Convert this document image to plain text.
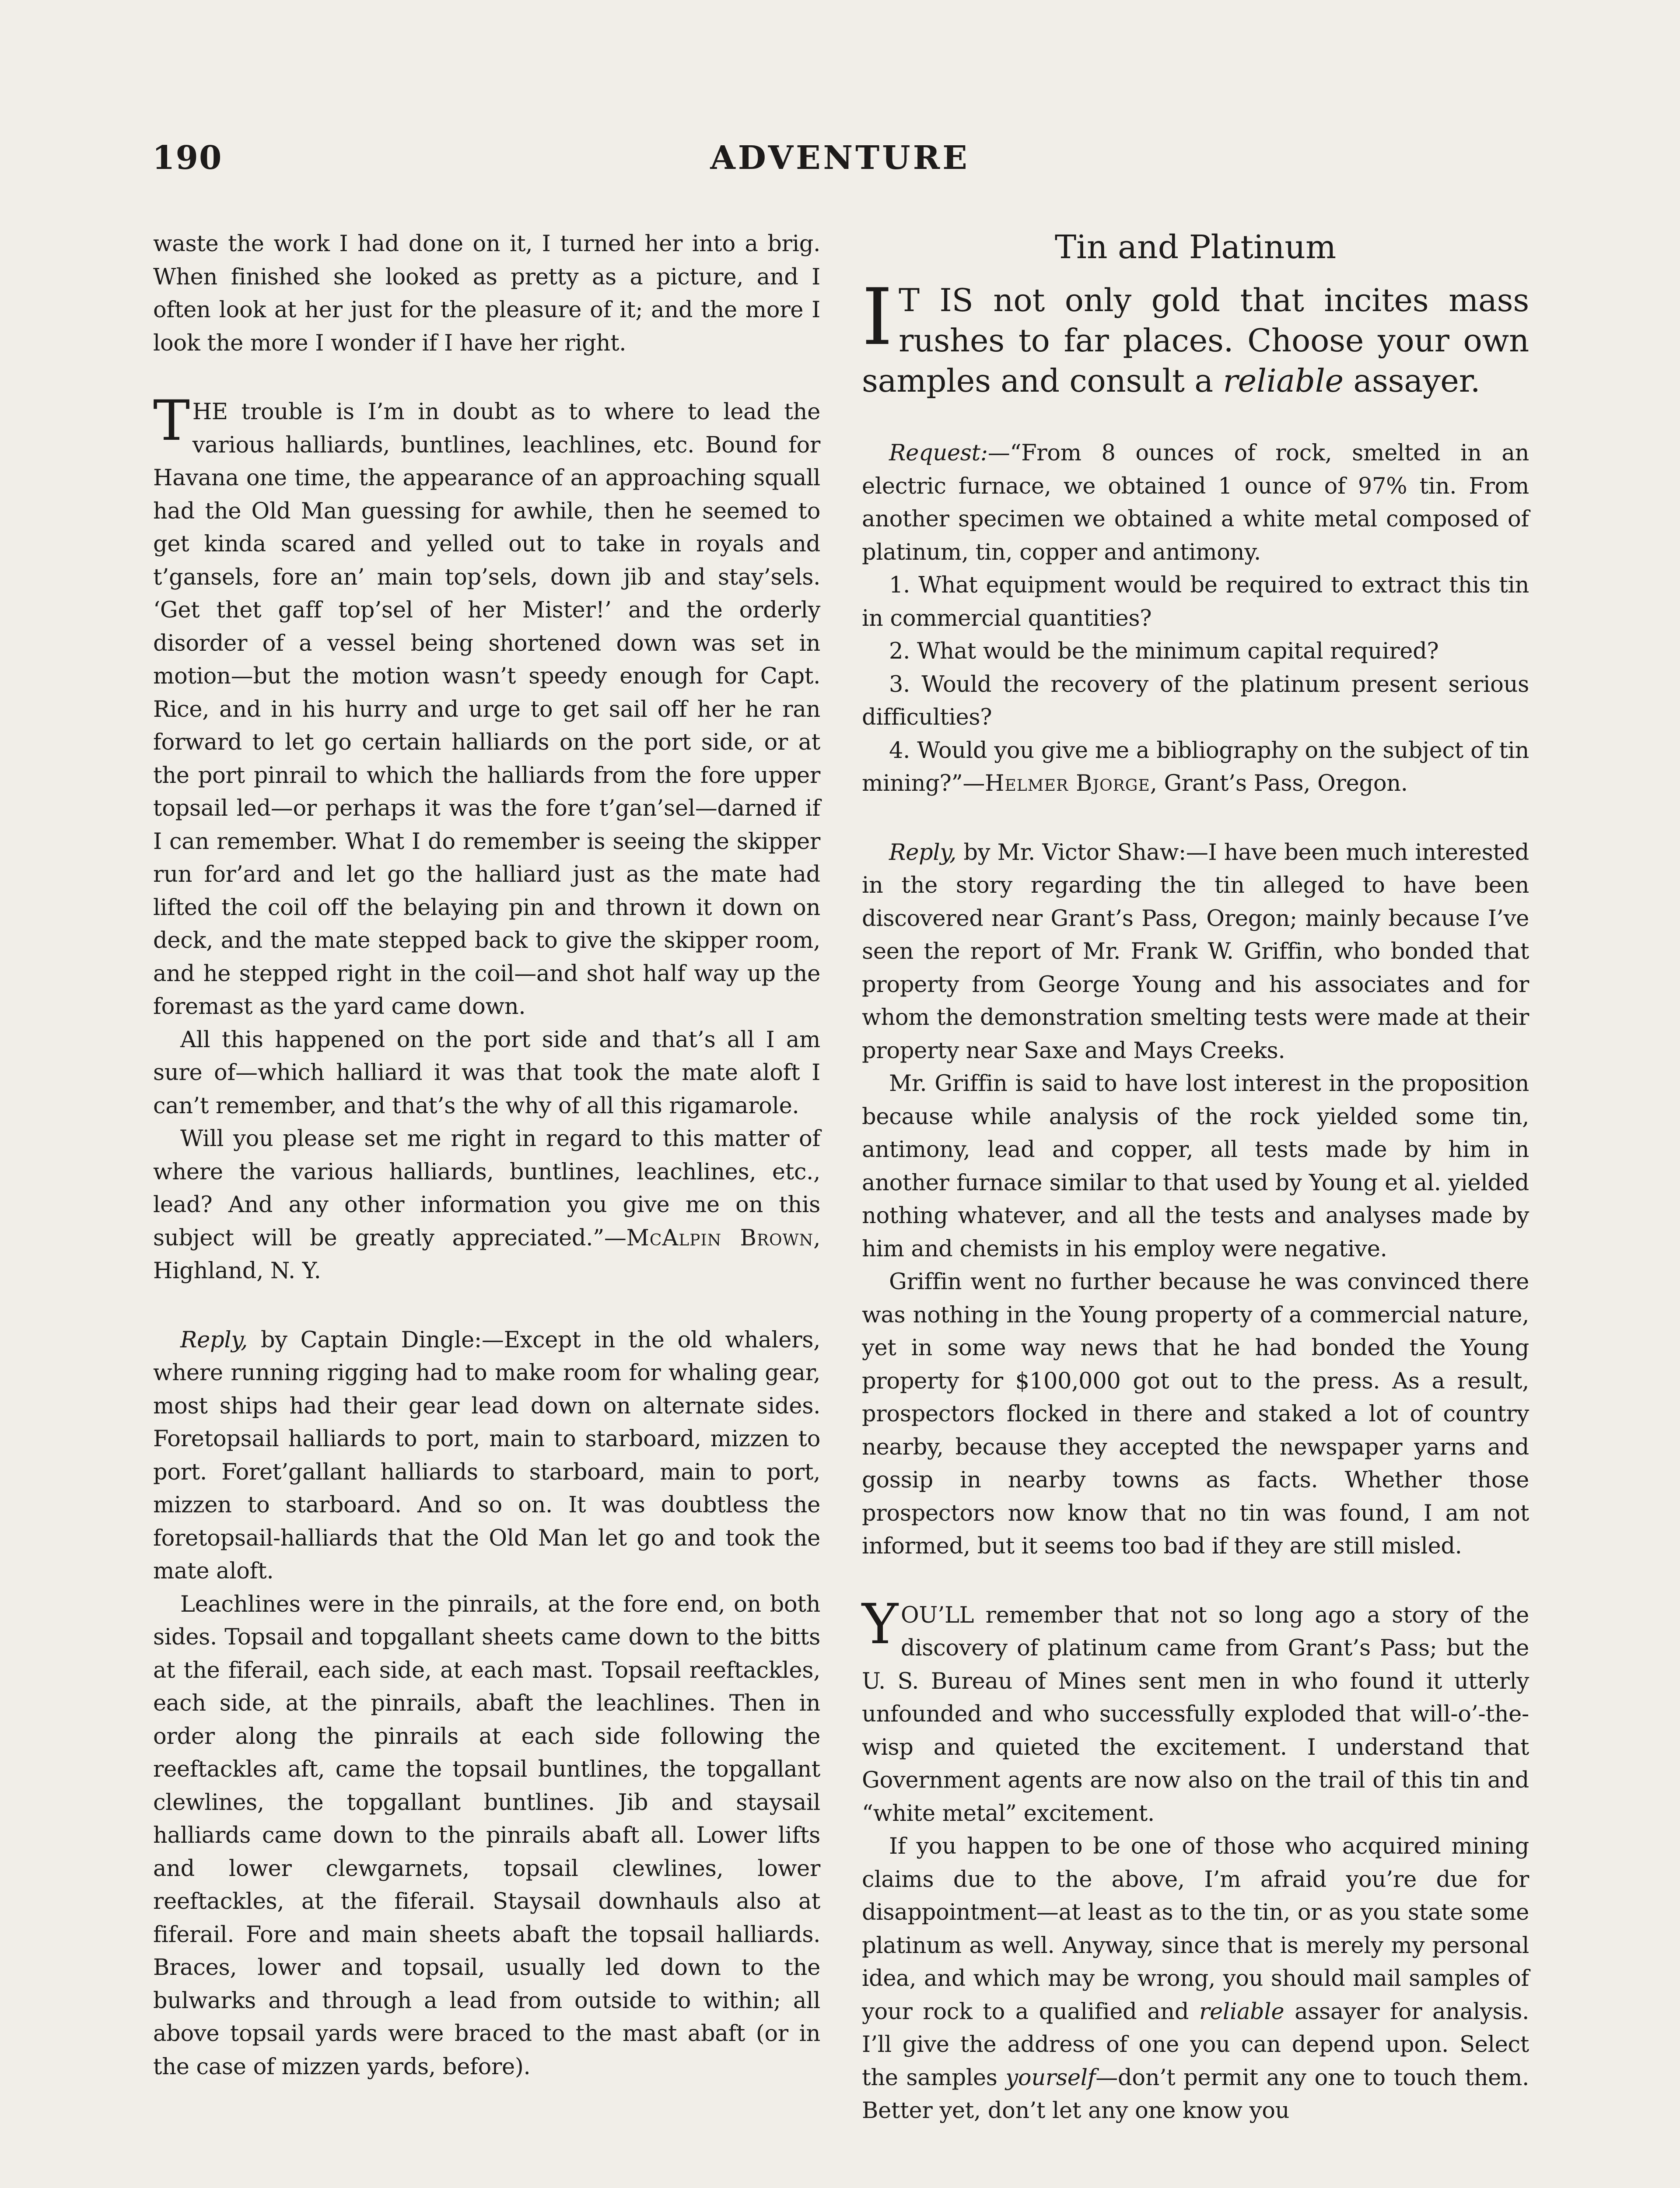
190	ADVENTURE

waste the work I had done on it, I turned her into a brig. When finished she looked as pretty as a picture, and I often look at her just for the pleasure of it; and the more I look the more I wonder if I have her right.

THE trouble is I’m in doubt as to where to lead the various halliards, buntlines, leachlines, etc. Bound for Havana one time, the appearance of an approaching squall had the Old Man guessing for awhile, then he seemed to get kinda scared and yelled out to take in royals and t’gansels, fore an’ main top’sels, down jib and stay’sels. ‘Get thet gaff top’sel of her Mister!’ and the orderly disorder of a vessel being shortened down was set in motion—but the motion wasn’t speedy enough for Capt. Rice, and in his hurry and urge to get sail off her he ran forward to let go certain halliards on the port side, or at the port pinrail to which the halliards from the fore upper topsail led—or perhaps it was the fore t’gan’sel—darned if I can remember. What I do remember is seeing the skipper run for’ard and let go the halliard just as the mate had lifted the coil off the belaying pin and thrown it down on deck, and the mate stepped back to give the skipper room, and he stepped right in the coil—and shot half way up the foremast as the yard came down.

All this happened on the port side and that’s all I am sure of—which halliard it was that took the mate aloft I can’t remember, and that’s the why of all this rigamarole.

Will you please set me right in regard to this matter of where the various halliards, buntlines, leachlines, etc., lead? And any other information you give me on this subject will be greatly appreciated.”—McAlpin Brown, Highland, N. Y.

Reply, by Captain Dingle:—Except in the old whalers, where running rigging had to make room for whaling gear, most ships had their gear lead down on alternate sides. Foretopsail halliards to port, main to starboard, mizzen to port. Foret’gallant halliards to starboard, main to port, mizzen to starboard. And so on. It was doubtless the foretopsail-halliards that the Old Man let go and took the mate aloft.

Leachlines were in the pinrails, at the fore end, on both sides. Topsail and topgallant sheets came down to the bitts at the fiferail, each side, at each mast. Topsail reeftackles, each side, at the pinrails, abaft the leachlines. Then in order along the pinrails at each side following the reeftackles aft, came the topsail buntlines, the topgallant clewlines, the topgallant buntlines. Jib and staysail halliards came down to the pinrails abaft all. Lower lifts and lower clewgarnets, topsail clewlines, lower reeftackles, at the fiferail. Staysail downhauls also at fiferail. Fore and main sheets abaft the topsail halliards. Braces, lower and topsail, usually led down to the bulwarks and through a lead from outside to within; all above topsail yards were braced to the mast abaft (or in the case of mizzen yards, before).

Tin and Platinum

I T IS not only gold that incites mass rushes to far places. Choose your own samples and consult a reliable assayer.

Request:—“From 8 ounces of rock, smelted in an electric furnace, we obtained 1 ounce of 97% tin. From another specimen we obtained a white metal composed of platinum, tin, copper and antimony.

1. What equipment would be required to extract this tin in commercial quantities?

2. What would be the minimum capital required?

3. Would the recovery of the platinum present serious difficulties?

4. Would you give me a bibliography on the subject of tin mining?”—Helmer Bjorge, Grant’s Pass, Oregon.

Reply, by Mr. Victor Shaw:—I have been much interested in the story regarding the tin alleged to have been discovered near Grant’s Pass, Oregon; mainly because I’ve seen the report of Mr. Frank W. Griffin, who bonded that property from George Young and his associates and for whom the demonstration smelting tests were made at their property near Saxe and Mays Creeks.

Mr. Griffin is said to have lost interest in the proposition because while analysis of the rock yielded some tin, antimony, lead and copper, all tests made by him in another furnace similar to that used by Young et al. yielded nothing whatever, and all the tests and analyses made by him and chemists in his employ were negative.

Griffin went no further because he was convinced there was nothing in the Young property of a commercial nature, yet in some way news that he had bonded the Young property for $100,000 got out to the press. As a result, prospectors flocked in there and staked a lot of country nearby, because they accepted the newspaper yarns and gossip in nearby towns as facts. Whether those prospectors now know that no tin was found, I am not informed, but it seems too bad if they are still misled.

YOU’LL remember that not so long ago a story of the discovery of platinum came from Grant’s Pass; but the U. S. Bureau of Mines sent men in who found it utterly unfounded and who successfully exploded that will-o’-the-wisp and quieted the excitement. I understand that Government agents are now also on the trail of this tin and “white metal” excitement.

If you happen to be one of those who acquired mining claims due to the above, I’m afraid you’re due for disappointment—at least as to the tin, or as you state some platinum as well. Anyway, since that is merely my personal idea, and which may be wrong, you should mail samples of your rock to a qualified and reliable assayer for analysis. I’ll give the address of one you can depend upon. Select the samples yourself—don’t permit any one to touch them. Better yet, don’t let any one know you
